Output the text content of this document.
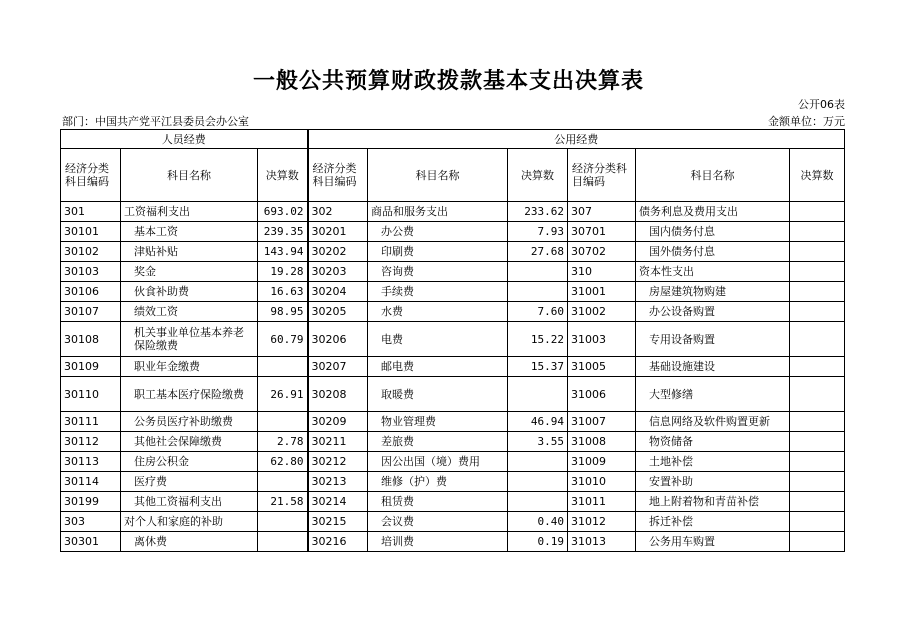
一般公共预算财政拨款基本支出决算表
公开06表
部门：中国共产党平江县委员会办公室	金额单位：万元
人员经费			公用经费					
经济分类科目编码	科目名称	决算数	经济分类科目编码	科目名称	决算数	经济分类科目编码	科目名称	决算数
301	工资福利支出	693.02	302	商品和服务支出	233.62	307	债务利息及费用支出	
30101	基本工资	239.35	30201	办公费	7.93	30701	国内债务付息	
30102	津贴补贴	143.94	30202	印刷费	27.68	30702	国外债务付息	
30103	奖金	19.28	30203	咨询费		310	资本性支出	
30106	伙食补助费	16.63	30204	手续费		31001	房屋建筑物购建	
30107	绩效工资	98.95	30205	水费	7.60	31002	办公设备购置	
30108	机关事业单位基本养老保险缴费	60.79	30206	电费	15.22	31003	专用设备购置	
30109	职业年金缴费		30207	邮电费	15.37	31005	基础设施建设	
30110	职工基本医疗保险缴费	26.91	30208	取暖费		31006	大型修缮	
30111	公务员医疗补助缴费		30209	物业管理费	46.94	31007	信息网络及软件购置更新	
30112	其他社会保障缴费	2.78	30211	差旅费	3.55	31008	物资储备	
30113	住房公积金	62.80	30212	因公出国（境）费用		31009	土地补偿	
30114	医疗费		30213	维修（护）费		31010	安置补助	
30199	其他工资福利支出	21.58	30214	租赁费		31011	地上附着物和青苗补偿	
303	对个人和家庭的补助		30215	会议费	0.40	31012	拆迁补偿	
30301	离休费		30216	培训费	0.19	31013	公务用车购置	
